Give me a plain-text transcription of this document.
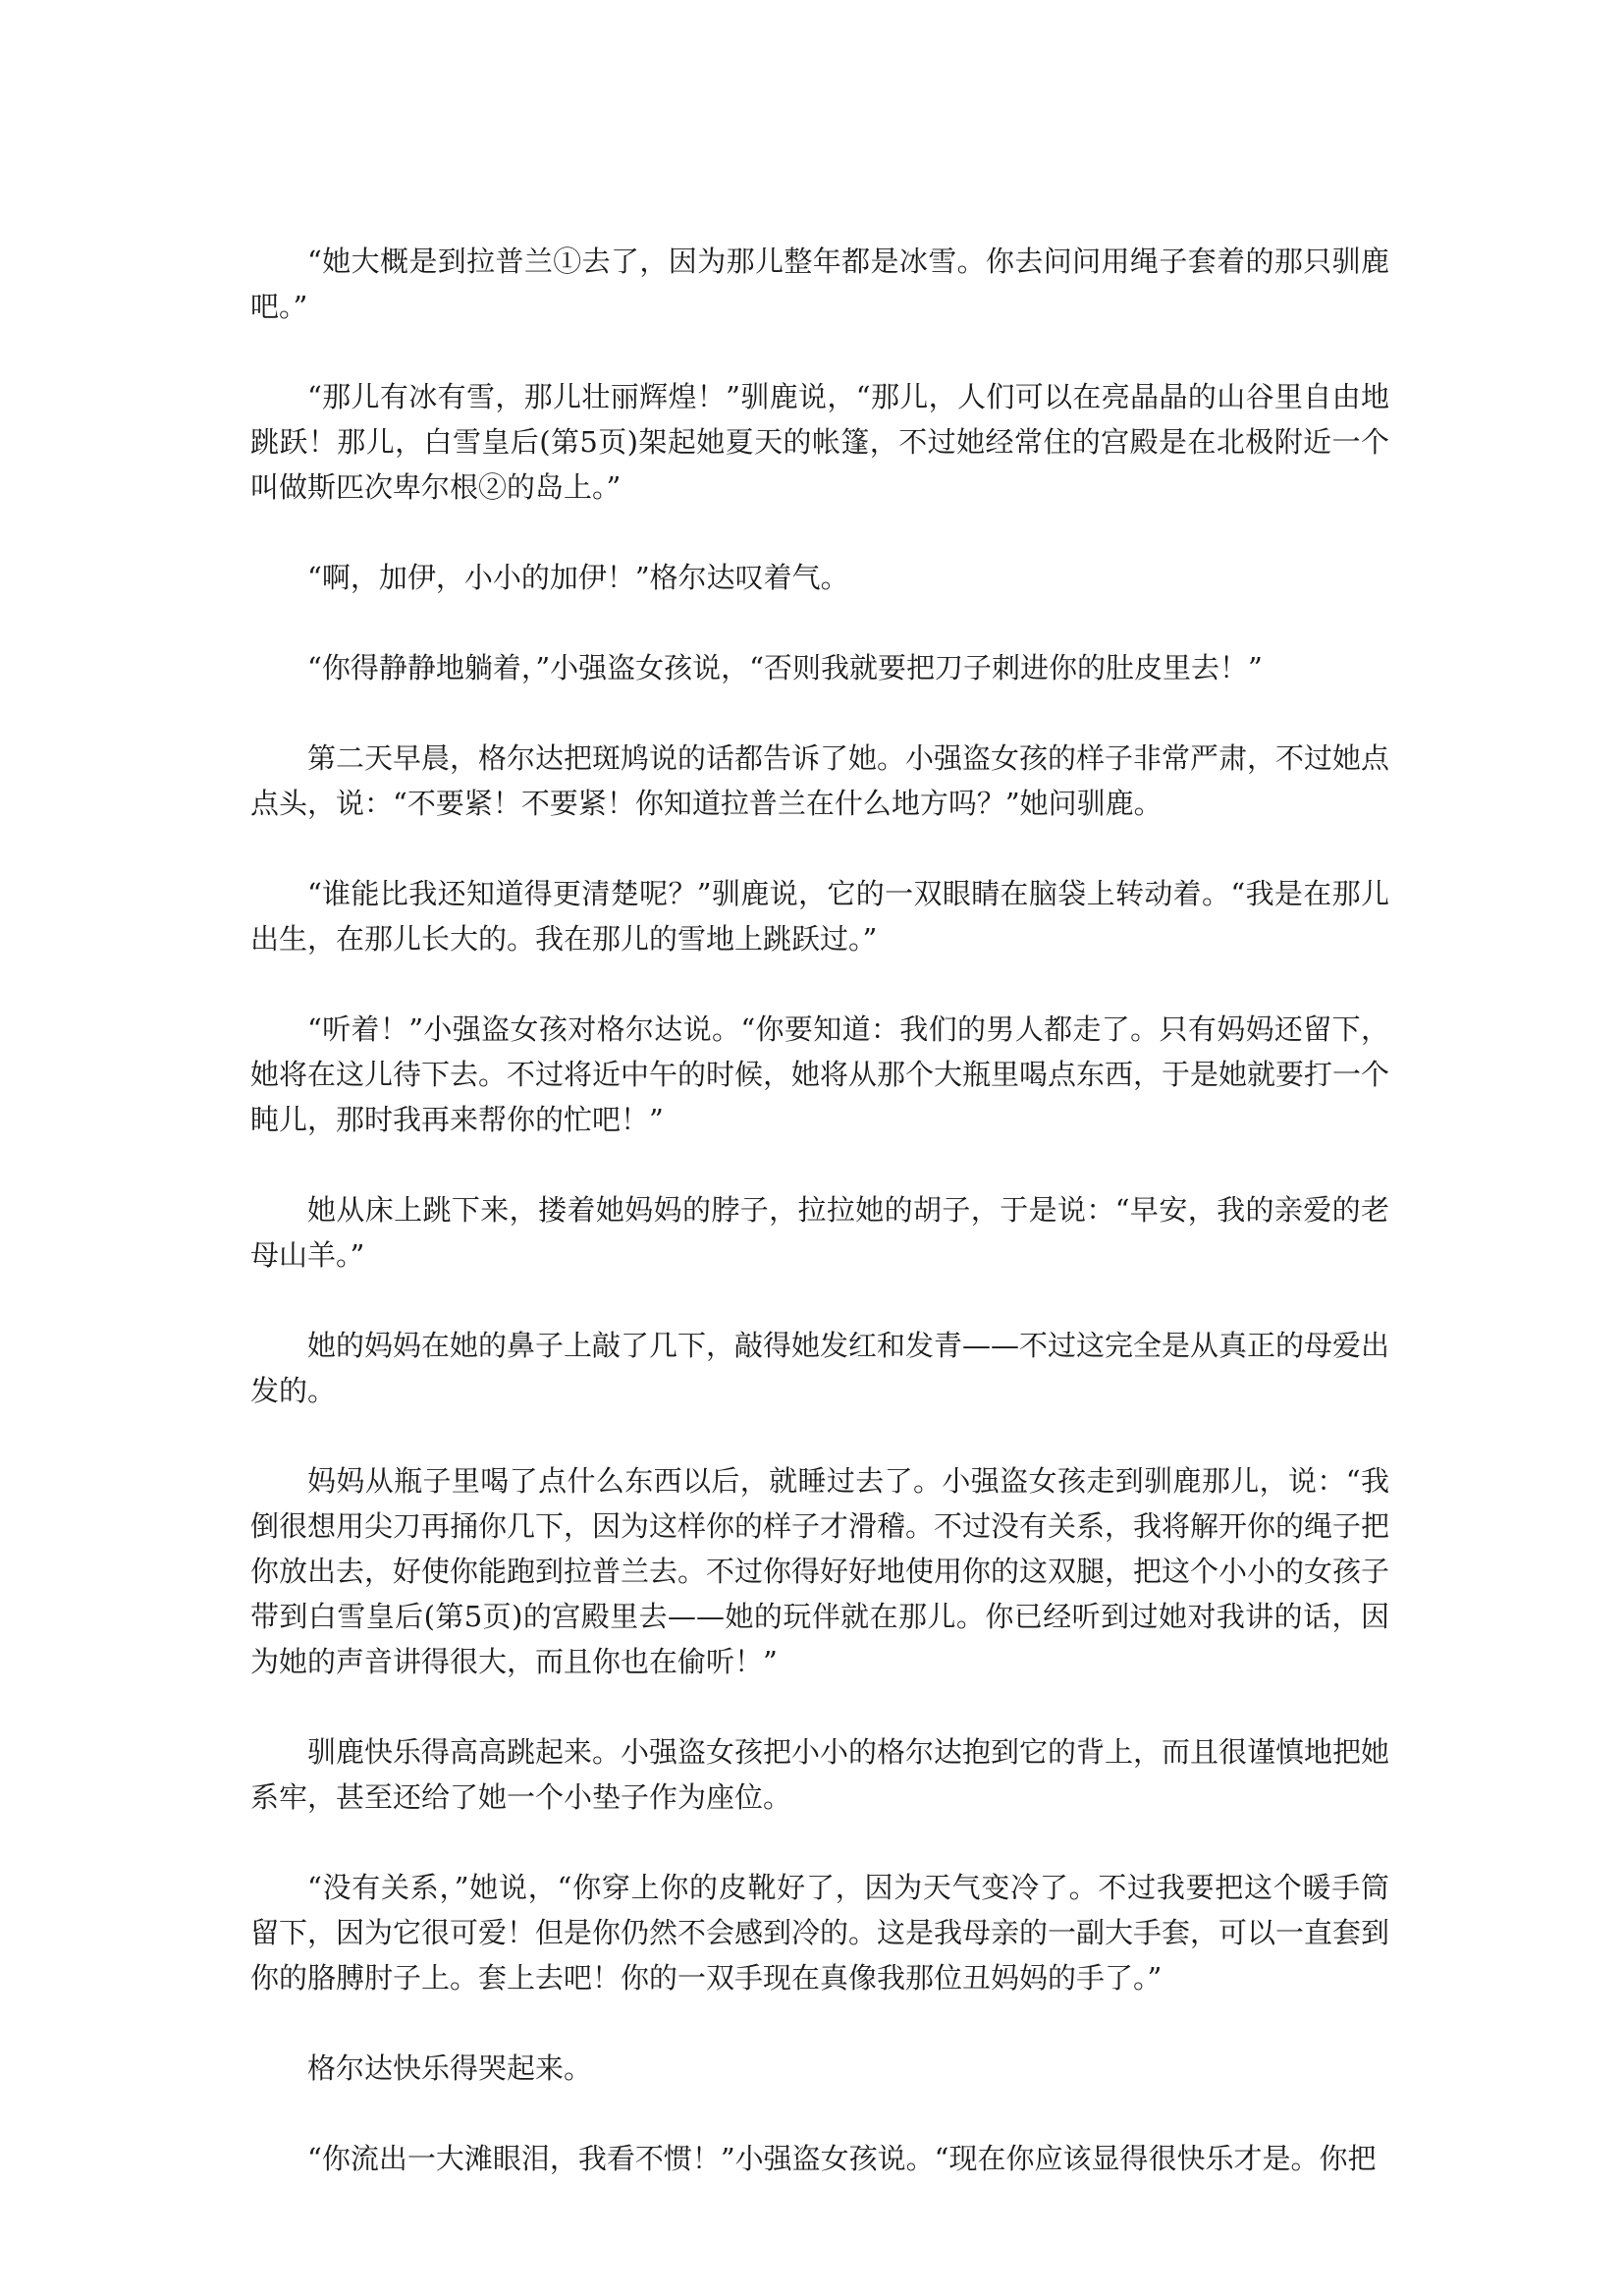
“她大概是到拉普兰①去了，因为那儿整年都是冰雪。你去问问用绳子套着的那只驯鹿吧。”

“那儿有冰有雪，那儿壮丽辉煌！”驯鹿说，“那儿，人们可以在亮晶晶的山谷里自由地跳跃！那儿，白雪皇后(第5页)架起她夏天的帐篷，不过她经常住的宫殿是在北极附近一个叫做斯匹次卑尔根②的岛上。”

“啊，加伊，小小的加伊！”格尔达叹着气。

“你得静静地躺着，”小强盗女孩说，“否则我就要把刀子刺进你的肚皮里去！”

第二天早晨，格尔达把斑鸠说的话都告诉了她。小强盗女孩的样子非常严肃，不过她点点头，说：“不要紧！不要紧！你知道拉普兰在什么地方吗？”她问驯鹿。

“谁能比我还知道得更清楚呢？”驯鹿说，它的一双眼睛在脑袋上转动着。“我是在那儿出生，在那儿长大的。我在那儿的雪地上跳跃过。”

“听着！”小强盗女孩对格尔达说。“你要知道：我们的男人都走了。只有妈妈还留下，她将在这儿待下去。不过将近中午的时候，她将从那个大瓶里喝点东西，于是她就要打一个盹儿，那时我再来帮你的忙吧！”

她从床上跳下来，搂着她妈妈的脖子，拉拉她的胡子，于是说：“早安，我的亲爱的老母山羊。”

她的妈妈在她的鼻子上敲了几下，敲得她发红和发青——不过这完全是从真正的母爱出发的。

妈妈从瓶子里喝了点什么东西以后，就睡过去了。小强盗女孩走到驯鹿那儿，说：“我倒很想用尖刀再捅你几下，因为这样你的样子才滑稽。不过没有关系，我将解开你的绳子把你放出去，好使你能跑到拉普兰去。不过你得好好地使用你的这双腿，把这个小小的女孩子带到白雪皇后(第5页)的宫殿里去——她的玩伴就在那儿。你已经听到过她对我讲的话，因为她的声音讲得很大，而且你也在偷听！”

驯鹿快乐得高高跳起来。小强盗女孩把小小的格尔达抱到它的背上，而且很谨慎地把她系牢，甚至还给了她一个小垫子作为座位。

“没有关系，”她说，“你穿上你的皮靴好了，因为天气变冷了。不过我要把这个暖手筒留下，因为它很可爱！但是你仍然不会感到冷的。这是我母亲的一副大手套，可以一直套到你的胳膊肘子上。套上去吧！你的一双手现在真像我那位丑妈妈的手了。”

格尔达快乐得哭起来。

“你流出一大滩眼泪，我看不惯！”小强盗女孩说。“现在你应该显得很快乐才是。你把
